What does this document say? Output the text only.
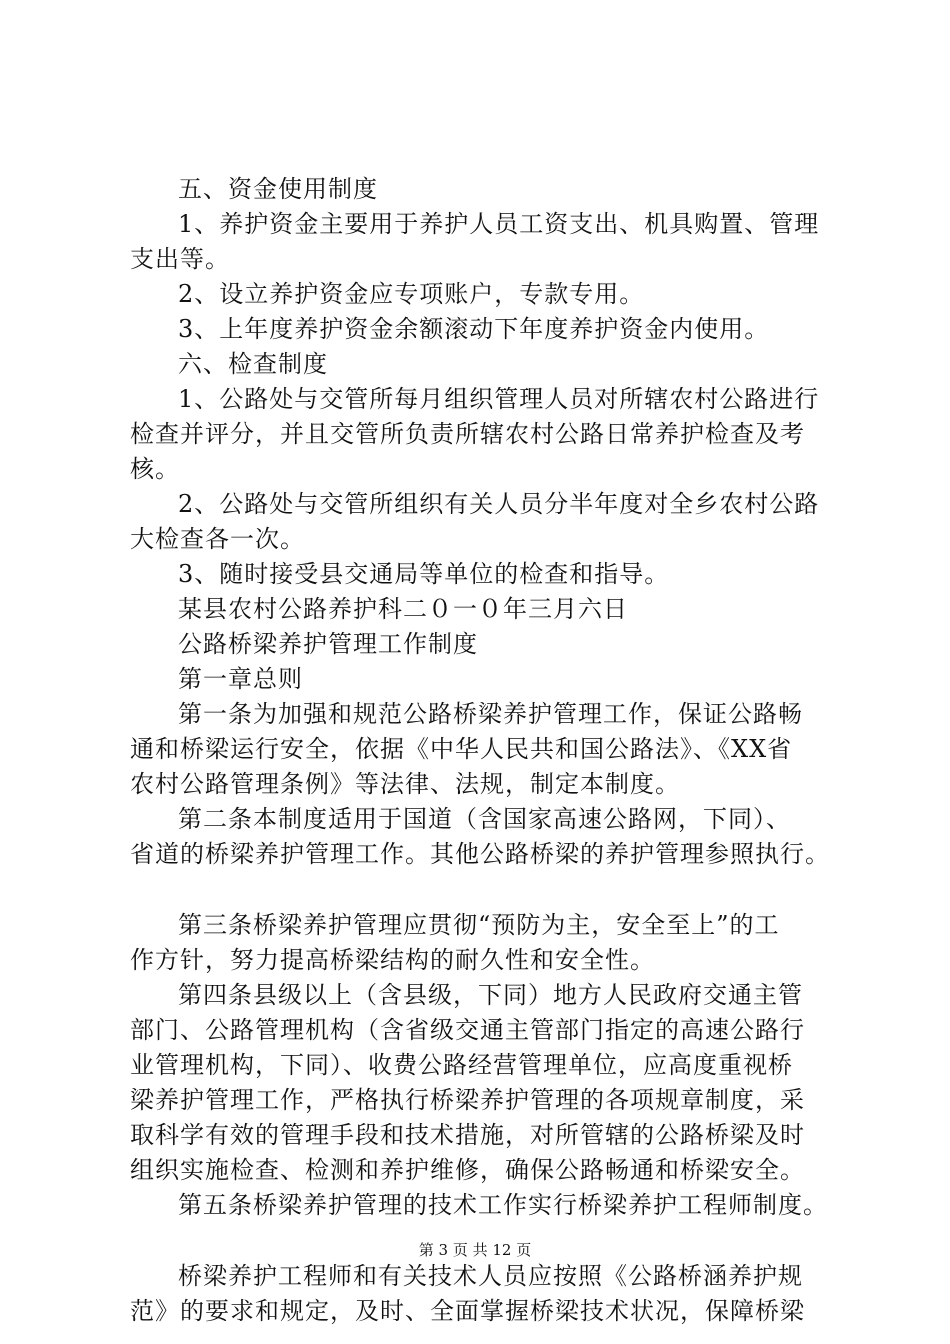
五、资金使用制度
1、养护资金主要用于养护人员工资支出、机具购置、管理
支出等。
2、设立养护资金应专项账户，专款专用。
3、上年度养护资金余额滚动下年度养护资金内使用。
六、检查制度
1、公路处与交管所每月组织管理人员对所辖农村公路进行
检查并评分，并且交管所负责所辖农村公路日常养护检查及考
核。
2、公路处与交管所组织有关人员分半年度对全乡农村公路
大检查各一次。
3、随时接受县交通局等单位的检查和指导。
某县农村公路养护科二０一０年三月六日
公路桥梁养护管理工作制度
第一章总则
第一条为加强和规范公路桥梁养护管理工作，保证公路畅
通和桥梁运行安全，依据《中华人民共和国公路法》、《XX省
农村公路管理条例》等法律、法规，制定本制度。
第二条本制度适用于国道（含国家高速公路网，下同）、
省道的桥梁养护管理工作。其他公路桥梁的养护管理参照执行。
第三条桥梁养护管理应贯彻“预防为主，安全至上”的工
作方针，努力提高桥梁结构的耐久性和安全性。
第四条县级以上（含县级，下同）地方人民政府交通主管
部门、公路管理机构（含省级交通主管部门指定的高速公路行
业管理机构，下同）、收费公路经营管理单位，应高度重视桥
梁养护管理工作，严格执行桥梁养护管理的各项规章制度，采
取科学有效的管理手段和技术措施，对所管辖的公路桥梁及时
组织实施检查、检测和养护维修，确保公路畅通和桥梁安全。
第五条桥梁养护管理的技术工作实行桥梁养护工程师制度。
桥梁养护工程师和有关技术人员应按照《公路桥涵养护规
范》的要求和规定，及时、全面掌握桥梁技术状况，保障桥梁
第 3 页 共 12 页
